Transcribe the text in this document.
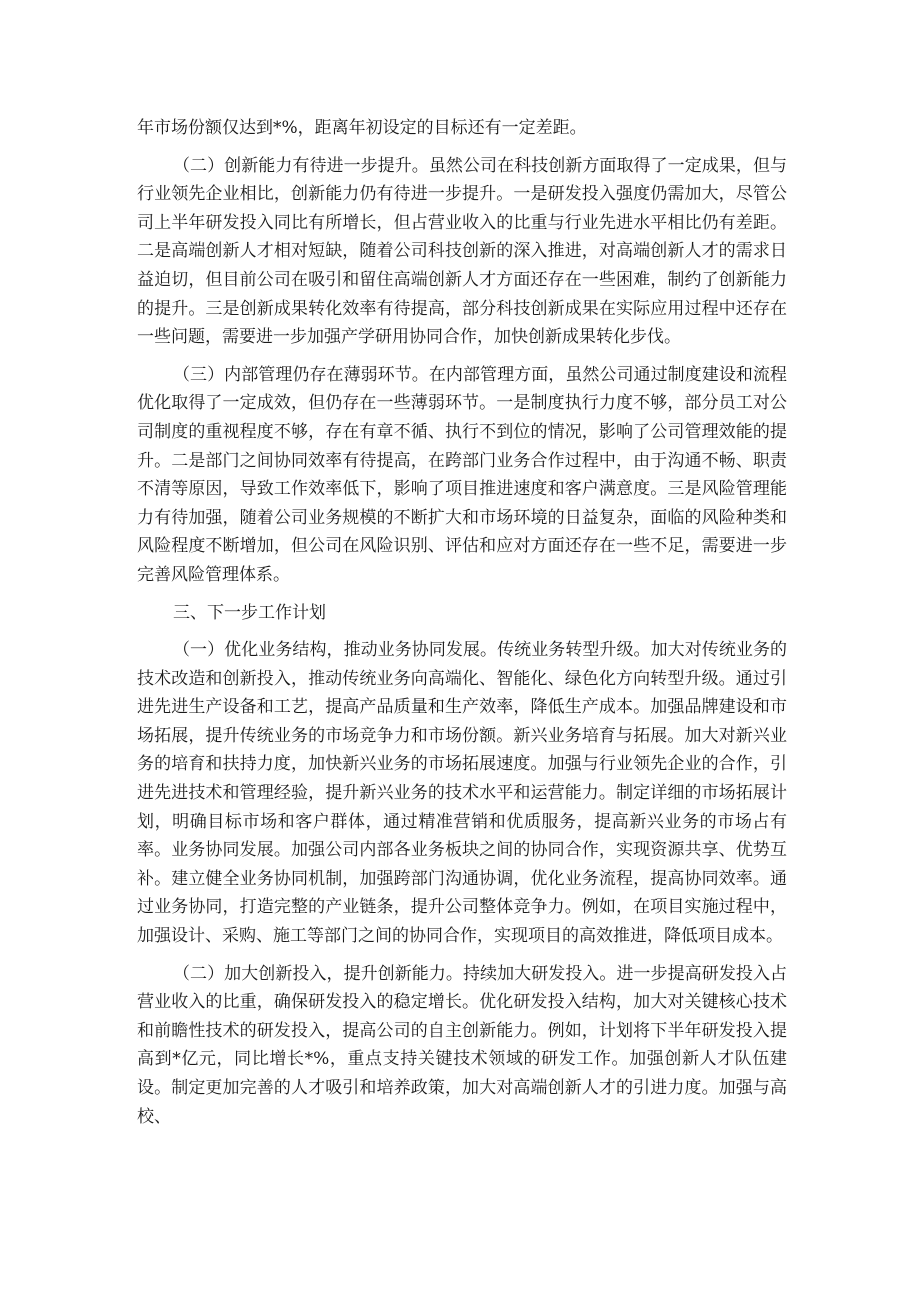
年市场份额仅达到*%，距离年初设定的目标还有一定差距。

（二）创新能力有待进一步提升。虽然公司在科技创新方面取得了一定成果，但与行业领先企业相比，创新能力仍有待进一步提升。一是研发投入强度仍需加大，尽管公司上半年研发投入同比有所增长，但占营业收入的比重与行业先进水平相比仍有差距。二是高端创新人才相对短缺，随着公司科技创新的深入推进，对高端创新人才的需求日益迫切，但目前公司在吸引和留住高端创新人才方面还存在一些困难，制约了创新能力的提升。三是创新成果转化效率有待提高，部分科技创新成果在实际应用过程中还存在一些问题，需要进一步加强产学研用协同合作，加快创新成果转化步伐。

（三）内部管理仍存在薄弱环节。在内部管理方面，虽然公司通过制度建设和流程优化取得了一定成效，但仍存在一些薄弱环节。一是制度执行力度不够，部分员工对公司制度的重视程度不够，存在有章不循、执行不到位的情况，影响了公司管理效能的提升。二是部门之间协同效率有待提高，在跨部门业务合作过程中，由于沟通不畅、职责不清等原因，导致工作效率低下，影响了项目推进速度和客户满意度。三是风险管理能力有待加强，随着公司业务规模的不断扩大和市场环境的日益复杂，面临的风险种类和风险程度不断增加，但公司在风险识别、评估和应对方面还存在一些不足，需要进一步完善风险管理体系。

三、下一步工作计划

（一）优化业务结构，推动业务协同发展。传统业务转型升级。加大对传统业务的技术改造和创新投入，推动传统业务向高端化、智能化、绿色化方向转型升级。通过引进先进生产设备和工艺，提高产品质量和生产效率，降低生产成本。加强品牌建设和市场拓展，提升传统业务的市场竞争力和市场份额。新兴业务培育与拓展。加大对新兴业务的培育和扶持力度，加快新兴业务的市场拓展速度。加强与行业领先企业的合作，引进先进技术和管理经验，提升新兴业务的技术水平和运营能力。制定详细的市场拓展计划，明确目标市场和客户群体，通过精准营销和优质服务，提高新兴业务的市场占有率。业务协同发展。加强公司内部各业务板块之间的协同合作，实现资源共享、优势互补。建立健全业务协同机制，加强跨部门沟通协调，优化业务流程，提高协同效率。通过业务协同，打造完整的产业链条，提升公司整体竞争力。例如，在项目实施过程中，加强设计、采购、施工等部门之间的协同合作，实现项目的高效推进，降低项目成本。

（二）加大创新投入，提升创新能力。持续加大研发投入。进一步提高研发投入占营业收入的比重，确保研发投入的稳定增长。优化研发投入结构，加大对关键核心技术和前瞻性技术的研发投入，提高公司的自主创新能力。例如，计划将下半年研发投入提高到*亿元，同比增长*%，重点支持关键技术领域的研发工作。加强创新人才队伍建设。制定更加完善的人才吸引和培养政策，加大对高端创新人才的引进力度。加强与高校、
